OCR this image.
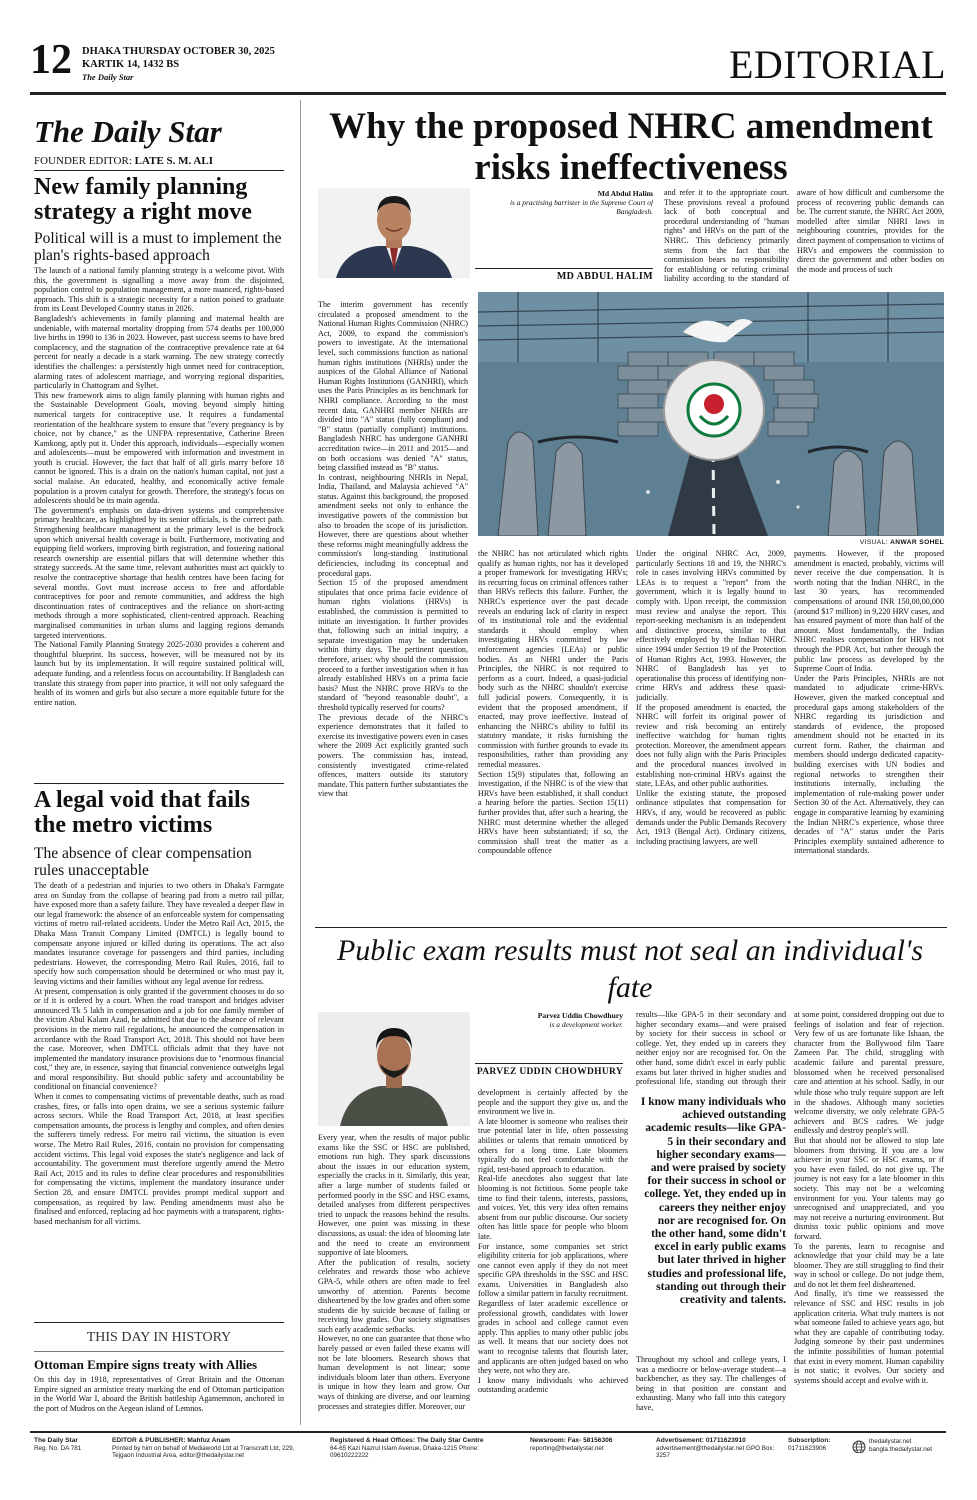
12 DHAKA THURSDAY OCTOBER 30, 2025
KARTIK 14, 1432 BS
The Daily Star	EDITORIAL
The Daily Star
FOUNDER EDITOR: LATE S. M. ALI
New family planning strategy a right move
Political will is a must to implement the plan's rights-based approach
The launch of a national family planning strategy is a welcome pivot. With this, the government is signalling a move away from the disjointed, population control to population management, a more nuanced, rights-based approach. This shift is a strategic necessity for a nation poised to graduate from its Least Developed Country status in 2026.
Bangladesh's achievements in family planning and maternal health are undeniable, with maternal mortality dropping from 574 deaths per 100,000 live births in 1990 to 136 in 2023. However, past success seems to have bred complacency, and the stagnation of the contraceptive prevalence rate at 64 percent for nearly a decade is a stark warning. The new strategy correctly identifies the challenges: a persistently high unmet need for contraception, alarming rates of adolescent marriage, and worrying regional disparities, particularly in Chattogram and Sylhet.
This new framework aims to align family planning with human rights and the Sustainable Development Goals, moving beyond simply hitting numerical targets for contraceptive use. It requires a fundamental reorientation of the healthcare system to ensure that "every pregnancy is by choice, not by chance," as the UNFPA representative, Catherine Breen Kamkong, aptly put it. Under this approach, individuals—especially women and adolescents—must be empowered with information and investment in youth is crucial. However, the fact that half of all girls marry before 18 cannot be ignored. This is a drain on the nation's human capital, not just a social malaise. An educated, healthy, and economically active female population is a proven catalyst for growth. Therefore, the strategy's focus on adolescents should be its main agenda.
The government's emphasis on data-driven systems and comprehensive primary healthcare, as highlighted by its senior officials, is the correct path. Strengthening healthcare management at the primary level is the bedrock upon which universal health coverage is built. Furthermore, motivating and equipping field workers, improving birth registration, and fostering national research ownership are essential pillars that will determine whether this strategy succeeds. At the same time, relevant authorities must act quickly to resolve the contraceptive shortage that health centres have been facing for several months. Govt must increase access to free and affordable contraceptives for poor and remote communities, and address the high discontinuation rates of contraceptives and the reliance on short-acting methods through a more sophisticated, client-centred approach. Reaching marginalised communities in urban slums and lagging regions demands targeted interventions.
The National Family Planning Strategy 2025-2030 provides a coherent and thoughtful blueprint. Its success, however, will be measured not by its launch but by its implementation. It will require sustained political will, adequate funding, and a relentless focus on accountability. If Bangladesh can translate this strategy from paper into practice, it will not only safeguard the health of its women and girls but also secure a more equitable future for the entire nation.
A legal void that fails the metro victims
The absence of clear compensation rules unacceptable
The death of a pedestrian and injuries to two others in Dhaka's Farmgate area on Sunday from the collapse of bearing pad from a metro rail pillar, have exposed more than a safety failure. They have revealed a deeper flaw in our legal framework: the absence of an enforceable system for compensating victims of metro rail-related accidents. Under the Metro Rail Act, 2015, the Dhaka Mass Transit Company Limited (DMTCL) is legally bound to compensate anyone injured or killed during its operations. The act also mandates insurance coverage for passengers and third parties, including pedestrians. However, the corresponding Metro Rail Rules, 2016, fail to specify how such compensation should be determined or who must pay it, leaving victims and their families without any legal avenue for redress.
At present, compensation is only granted if the government chooses to do so or if it is ordered by a court. When the road transport and bridges adviser announced Tk 5 lakh in compensation and a job for one family member of the victim Abul Kalam Azad, he admitted that due to the absence of relevant provisions in the metro rail regulations, he announced the compensation in accordance with the Road Transport Act, 2018. This should not have been the case. Moreover, when DMTCL officials admit that they have not implemented the mandatory insurance provisions due to "enormous financial cost," they are, in essence, saying that financial convenience outweighs legal and moral responsibility. But should public safety and accountability be conditional on financial convenience?
When it comes to compensating victims of preventable deaths, such as road crashes, fires, or falls into open drains, we see a serious systemic failure across sectors. While the Road Transport Act, 2018, at least specifies compensation amounts, the process is lengthy and complex, and often denies the sufferers timely redress. For metro rail victims, the situation is even worse. The Metro Rail Rules, 2016, contain no provision for compensating accident victims. This legal void exposes the state's negligence and lack of accountability. The government must therefore urgently amend the Metro Rail Act, 2015 and its rules to define clear procedures and responsibilities for compensating the victims, implement the mandatory insurance under Section 28, and ensure DMTCL provides prompt medical support and compensation, as required by law. Pending amendments must also be finalised and enforced, replacing ad hoc payments with a transparent, rights-based mechanism for all victims.
THIS DAY IN HISTORY
Ottoman Empire signs treaty with Allies
On this day in 1918, representatives of Great Britain and the Ottoman Empire signed an armistice treaty marking the end of Ottoman participation in the World War I, aboard the British battleship Agamemnon, anchored in the port of Mudros on the Aegean island of Lemnos.
Why the proposed NHRC amendment risks ineffectiveness
Md Abdul Halim
is a practising barrister in the Supreme Court of Bangladesh.
MD ABDUL HALIM
and refer it to the appropriate court. These provisions reveal a profound lack of both conceptual and procedural understanding of "human rights" and HRVs on the part of the NHRC. This deficiency primarily stems from the fact that the commission bears no responsibility for establishing or refuting criminal liability according to the standard of
aware of how difficult and cumbersome the process of recovering public demands can be. The current statute, the NHRC Act 2009, modelled after similar NHRI laws in neighbouring countries, provides for the direct payment of compensation to victims of HRVs and empowers the commission to direct the government and other bodies on the mode and process of such
The interim government has recently circulated a proposed amendment to the National Human Rights Commission (NHRC) Act, 2009, to expand the commission's powers to investigate. At the international level, such commissions function as national human rights institutions (NHRIs) under the auspices of the Global Alliance of National Human Rights Institutions (GANHRI), which uses the Paris Principles as its benchmark for NHRI compliance. According to the most recent data, GANHRI member NHRIs are divided into "A" status (fully compliant) and "B" status (partially compliant) institutions. Bangladesh NHRC has undergone GANHRI accreditation twice—in 2011 and 2015—and on both occasions was denied "A" status, being classified instead as "B" status.
In contrast, neighbouring NHRIs in Nepal, India, Thailand, and Malaysia achieved "A" status. Against this background, the proposed amendment seeks not only to enhance the investigative powers of the commission but also to broaden the scope of its jurisdiction. However, there are questions about whether these reforms might meaningfully address the commission's long-standing institutional deficiencies, including its conceptual and procedural gaps.
Section 15 of the proposed amendment stipulates that once prima facie evidence of human rights violations (HRVs) is established, the commission is permitted to initiate an investigation. It further provides that, following such an initial inquiry, a separate investigation may be undertaken within thirty days. The pertinent question, therefore, arises: why should the commission proceed to a further investigation when it has already established HRVs on a prima facie basis? Must the NHRC prove HRVs to the standard of "beyond reasonable doubt", a threshold typically reserved for courts?
The previous decade of the NHRC's experience demonstrates that it failed to exercise its investigative powers even in cases where the 2009 Act explicitly granted such powers. The commission has, instead, consistently investigated crime-related offences, matters outside its statutory mandate. This pattern further substantiates the view that
VISUAL: ANWAR SOHEL
the NHRC has not articulated which rights qualify as human rights, nor has it developed a proper framework for investigating HRVs; its recurring focus on criminal offences rather than HRVs reflects this failure. Further, the NHRC's experience over the past decade reveals an enduring lack of clarity in respect of its institutional role and the evidential standards it should employ when investigating HRVs committed by law enforcement agencies (LEAs) or public bodies. As an NHRI under the Paris Principles, the NHRC is not required to perform as a court. Indeed, a quasi-judicial body such as the NHRC shouldn't exercise full judicial powers. Consequently, it is evident that the proposed amendment, if enacted, may prove ineffective. Instead of enhancing the NHRC's ability to fulfil its statutory mandate, it risks furnishing the commission with further grounds to evade its responsibilities, rather than providing any remedial measures.
Section 15(9) stipulates that, following an investigation, if the NHRC is of the view that HRVs have been established, it shall conduct a hearing before the parties. Section 15(11) further provides that, after such a hearing, the NHRC must determine whether the alleged HRVs have been substantiated; if so, the commission shall treat the matter as a compoundable offence
Under the original NHRC Act, 2009, particularly Sections 18 and 19, the NHRC's role in cases involving HRVs committed by LEAs is to request a "report" from the government, which it is legally bound to comply with. Upon receipt, the commission must review and analyse the report. This report-seeking mechanism is an independent and distinctive process, similar to that effectively employed by the Indian NHRC since 1994 under Section 19 of the Protection of Human Rights Act, 1993. However, the NHRC of Bangladesh has yet to operationalise this process of identifying non-crime HRVs and address these quasi-judicially.
If the proposed amendment is enacted, the NHRC will forfeit its original power of review and risk becoming an entirely ineffective watchdog for human rights protection. Moreover, the amendment appears does not fully align with the Paris Principles and the procedural nuances involved in establishing non-criminal HRVs against the state, LEAs, and other public authorities.
Unlike the existing statute, the proposed ordinance stipulates that compensation for HRVs, if any, would be recovered as public demands under the Public Demands Recovery Act, 1913 (Bengal Act). Ordinary citizens, including practising lawyers, are well
payments. However, if the proposed amendment is enacted, probably, victims will never receive the due compensation. It is worth noting that the Indian NHRC, in the last 30 years, has recommended compensations of around INR 150,00,00,000 (around $17 million) in 9,220 HRV cases, and has ensured payment of more than half of the amount. Most fundamentally, the Indian NHRC realises compensation for HRVs not through the PDR Act, but rather through the public law process as developed by the Supreme Court of India.
Under the Paris Principles, NHRIs are not mandated to adjudicate crime-HRVs. However, given the marked conceptual and procedural gaps among stakeholders of the NHRC regarding its jurisdiction and standards of evidence, the proposed amendment should not be enacted in its current form. Rather, the chairman and members should undergo dedicated capacity-building exercises with UN bodies and regional networks to strengthen their institutions internally, including the implementation of rule-making power under Section 30 of the Act. Alternatively, they can engage in comparative learning by examining the Indian NHRC's experience, whose three decades of "A" status under the Paris Principles exemplify sustained adherence to international standards.
Public exam results must not seal an individual's fate
Parvez Uddin Chowdhury
is a development worker.
PARVEZ UDDIN CHOWDHURY
results—like GPA-5 in their secondary and higher secondary exams—and were praised by society for their success in school or college. Yet, they ended up in careers they neither enjoy nor are recognised for. On the other hand, some didn't excel in early public exams but later thrived in higher studies and professional life, standing out through their
at some point, considered dropping out due to feelings of isolation and fear of rejection. Very few of us are fortunate like Ishaan, the character from the Bollywood film Taare Zameen Par. The child, struggling with academic failure and parental pressure, blossomed when he received personalised care and attention at his school. Sadly, in our
Every year, when the results of major public exams like the SSC or HSC are published, emotions run high. They spark discussions about the issues in our education system, especially the cracks in it. Similarly, this year, after a large number of students failed or performed poorly in the SSC and HSC exams, detailed analyses from different perspectives tried to unpack the reasons behind the results. However, one point was missing in these discussions, as usual: the idea of blooming late and the need to create an environment supportive of late bloomers.
After the publication of results, society celebrates and rewards those who achieve GPA-5, while others are often made to feel unworthy of attention. Parents become disheartened by the low grades and often some students die by suicide because of failing or receiving low grades. Our society stigmatises such early academic setbacks.
However, no one can guarantee that those who barely passed or even failed these exams will not be late bloomers. Research shows that human development is not linear; some individuals bloom later than others. Everyone is unique in how they learn and grow. Our ways of thinking are diverse, and our learning processes and strategies differ. Moreover, our
development is certainly affected by the people and the support they give us, and the environment we live in.
A late bloomer is someone who realises their true potential later in life, often possessing abilities or talents that remain unnoticed by others for a long time. Late bloomers typically do not feel comfortable with the rigid, test-based approach to education.
Real-life anecdotes also suggest that late blooming is not fictitious. Some people take time to find their talents, interests, passions, and voices. Yet, this very idea often remains absent from our public discourse. Our society often has little space for people who bloom late.
For instance, some companies set strict eligibility criteria for job applications, where one cannot even apply if they do not meet specific GPA thresholds in the SSC and HSC exams. Universities in Bangladesh also follow a similar pattern in faculty recruitment. Regardless of later academic excellence or professional growth, candidates with lower grades in school and college cannot even apply. This applies to many other public jobs as well. It means that our society does not want to recognise talents that flourish later, and applicants are often judged based on who they were, not who they are.
I know many individuals who achieved outstanding academic
I know many individuals who achieved outstanding academic results—like GPA-5 in their secondary and higher secondary exams—and were praised by society for their success in school or college. Yet, they ended up in careers they neither enjoy nor are recognised for. On the other hand, some didn't excel in early public exams but later thrived in higher studies and professional life, standing out through their creativity and talents.
Throughout my school and college years, I was a mediocre or below-average student—a backbencher, as they say. The challenges of being in that position are constant and exhausting. Many who fall into this category have,
while those who truly require support are left in the shadows. Although many societies welcome diversity, we only celebrate GPA-5 achievers and BCS cadres. We judge endlessly and destroy people's will.
But that should not be allowed to stop late bloomers from thriving. If you are a low achiever in your SSC or HSC exams, or if you have even failed, do not give up. The journey is not easy for a late bloomer in this society. This may not be a welcoming environment for you. Your talents may go unrecognised and unappreciated, and you may not receive a nurturing environment. But dismiss toxic public opinions and move forward.
To the parents, learn to recognise and acknowledge that your child may be a late bloomer. They are still struggling to find their way in school or college. Do not judge them, and do not let them feel disheartened.
And finally, it's time we reassessed the relevance of SSC and HSC results in job application criteria. What truly matters is not what someone failed to achieve years ago, but what they are capable of contributing today. Judging someone by their past undermines the infinite possibilities of human potential that exist in every moment. Human capability is not static; it evolves. Our society and systems should accept and evolve with it.
The Daily Star
Reg. No. DA 781
EDITOR & PUBLISHER: Mahfuz Anam
Printed by him on behalf of Mediaworld Ltd at Transcraft Ltd, 229, Tejgaon Industrial Area, editor@thedailystar.net
Registered & Head Offices: The Daily Star Centre
64-65 Kazi Nazrul Islam Avenue, Dhaka-1215 Phone: 09610222222
Newsroom: Fax- 58156306
reporting@thedailystar.net
Advertisement: 01711623910
advertisement@thedailystar.net GPO Box: 3257
Subscription:
01711623906
thedailystar.net
bangla.thedailystar.net
